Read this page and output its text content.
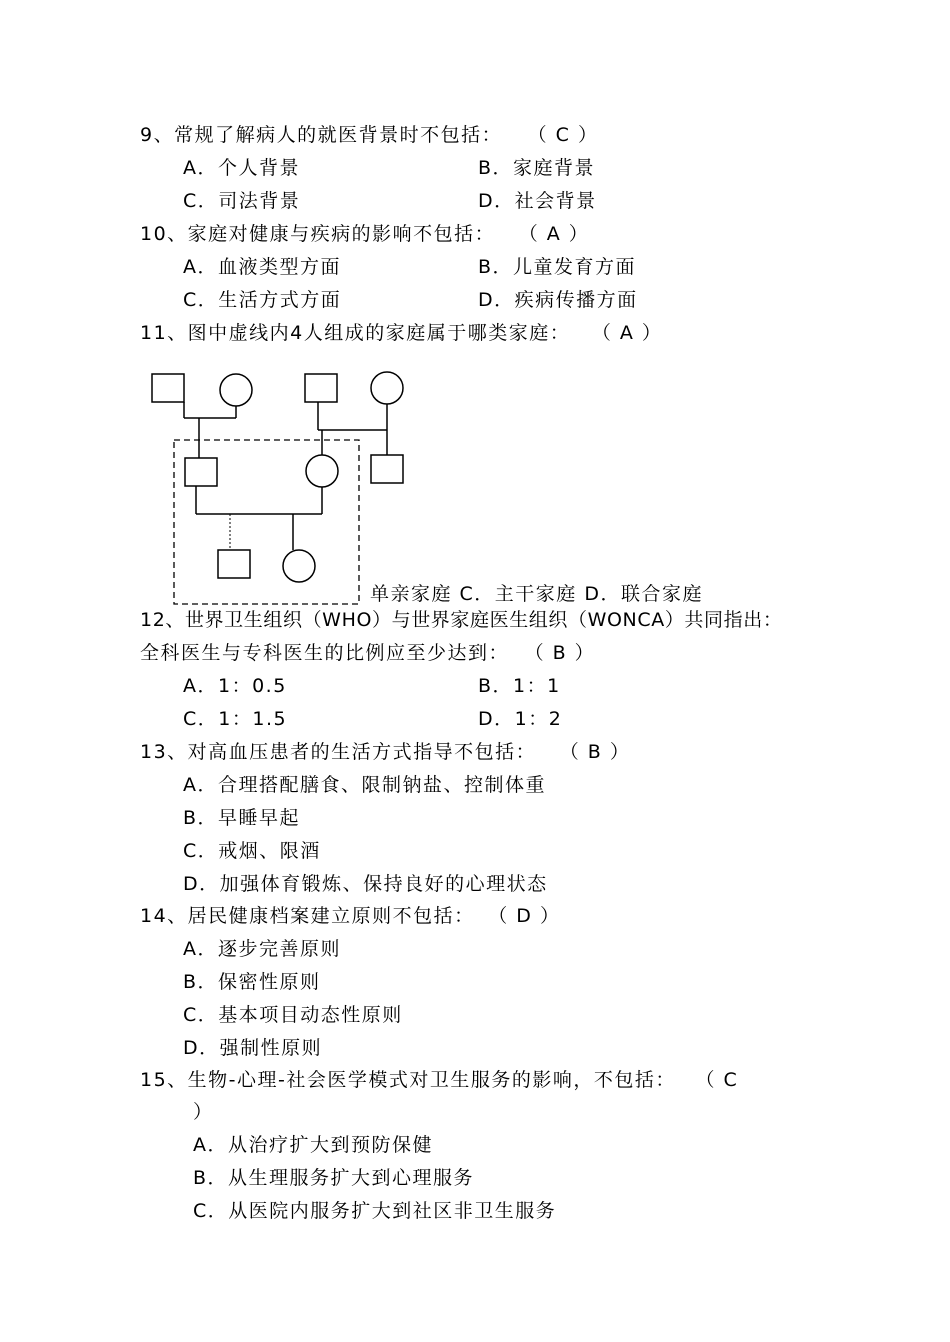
9、常规了解病人的就医背景时不包括： （ C ）
A．个人背景	B．家庭背景
C．司法背景	D．社会背景
10、家庭对健康与疾病的影响不包括： （ A ）
A．血液类型方面	B．儿童发育方面
C．生活方式方面	D．疾病传播方面
11、图中虚线内4人组成的家庭属于哪类家庭： （ A ）
单亲家庭 C．主干家庭 D．联合家庭
12、世界卫生组织（WHO）与世界家庭医生组织（WONCA）共同指出：
全科医生与专科医生的比例应至少达到： （ B ）
A．1：0.5	B．1：1
C．1：1.5	D．1：2
13、对高血压患者的生活方式指导不包括： （ B ）
A．合理搭配膳食、限制钠盐、控制体重
B．早睡早起
C．戒烟、限酒
D．加强体育锻炼、保持良好的心理状态
14、居民健康档案建立原则不包括： （ D ）
A．逐步完善原则
B．保密性原则
C．基本项目动态性原则
D．强制性原则
15、生物-心理-社会医学模式对卫生服务的影响，不包括： （ C
）
A．从治疗扩大到预防保健
B．从生理服务扩大到心理服务
C．从医院内服务扩大到社区非卫生服务
